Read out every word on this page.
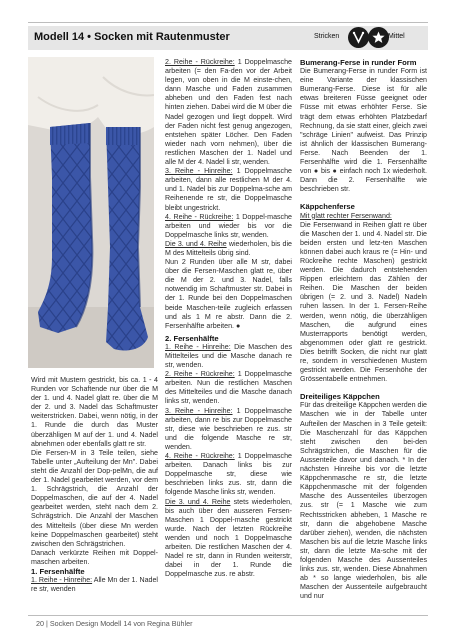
Modell 14 • Socken mit Rautenmuster	Stricken	Mittel

Wird mit Mustern gestrickt, bis ca. 1 - 4 Runden vor Schaftende nur über die M der 1. und 4. Nadel glatt re. über die M der 2. und 3. Nadel das Schaftmuster weiterstricken. Dabei, wenn nötig, in der 1. Runde die durch das Muster überzähligen M auf der 1. und 4. Nadel abnehmen oder ebenfalls glatt re str.

Die Fersen-M in 3 Teile teilen, siehe Tabelle unter „Aufteilung der Mn". Dabei steht die Anzahl der Dop-pelMn, die auf der 1. Nadel gearbeitet werden, vor dem 1. Schrägstrich, die Anzahl der Doppelmaschen, die auf der 4. Nadel gearbeitet werden, steht nach dem 2. Schrägstrich. Die Anzahl der Maschen des Mittelteils (über diese Mn werden keine Doppelmaschen gearbeitet) steht zwischen den Schrägstrichen.

Danach verkürzte Reihen mit Doppel-maschen arbeiten.

1. Fersenhälfte

1. Reihe - Hinreihe: Alle Mn der 1. Nadel re str, wenden

2. Reihe - Rückreihe: 1 Doppelmasche arbeiten (= den Fa-den vor der Arbeit legen, von oben in die M einste-chen, dann Masche und Faden zusammen abheben und den Faden fest nach hinten ziehen. Dabei wird die M über die Nadel gezogen und liegt doppelt. Wird der Faden nicht fest genug angezogen, entstehen später Löcher. Den Faden wieder nach vorn nehmen), über die restlichen Maschen der 1. Nadel und alle M der 4. Nadel li str, wenden.

3. Reihe - Hinreihe: 1 Doppelmasche arbeiten, dann alle restlichen M der 4. und 1. Nadel bis zur Doppelma-sche am Reihenende re str, die Doppelmasche bleibt ungestrickt.

4. Reihe - Rückreihe: 1 Doppel-masche arbeiten und wieder bis vor die Doppelmasche links str, wenden.

Die 3. und 4. Reihe wiederholen, bis die M des Mittelteils übrig sind.

Nun 2 Runden über alle M str, dabei über die Fersen-Maschen glatt re, über die M der 2. und 3. Nadel, falls notwendig im Schaftmuster str. Dabei in der 1. Runde bei den Doppelmaschen beide Maschen-teile zugleich erfassen und als 1 M re abstr. Dann die 2. Fersenhälfte arbeiten. ●

2. Fersenhälfte

1. Reihe - Hinreihe: Die Maschen des Mittelteiles und die Masche danach re str, wenden.

2. Reihe - Rückreihe: 1 Doppelmasche arbeiten. Nun die restlichen Maschen des Mittelteiles und die Masche danach links str, wenden.

3. Reihe - Hinreihe: 1 Doppelmasche arbeiten, dann re bis zur Doppelmasche str, diese wie beschrieben re zus. str und die folgende Masche re str, wenden.

4. Reihe - Rückreihe: 1 Doppelmasche arbeiten. Danach links bis zur Doppelmasche str, diese wie beschrieben links zus. str, dann die folgende Masche links str, wenden.

Die 3. und 4. Reihe stets wiederholen, bis auch über den ausseren Fersen-Maschen 1 Doppel-masche gestrickt wurde. Nach der letzten Rückreihe wenden und noch 1 Doppelmasche arbeiten. Die restlichen Maschen der 4. Nadel re str, dann in Runden weiterstr, dabei in der 1. Runde die Doppelmasche zus. re abstr.

Bumerang-Ferse in runder Form

Die Bumerang-Ferse in runder Form ist eine Variante der klassischen Bumerang-Ferse. Diese ist für alle etwas breiteren Füsse geeignet oder Füsse mit etwas erhöhter Ferse. Sie trägt dem etwas erhöhten Platzbedarf Rechnung, da sie statt einer, gleich zwei "schräge Linien" aufweist. Das Prinzip ist ähnlich der klassischen Bumerang-Ferse. Nach Beenden der 1. Fersenhälfte wird die 1. Fersenhälfte von ● bis ● einfach noch 1x wiederholt. Dann die 2. Fersenhälfte wie beschrieben str.

Käppchenferse

Mit glatt rechter Fersenwand:

Die Fersenwand in Reihen glatt re über die Maschen der 1. und 4. Nadel str. Die beiden ersten und letz-ten Maschen können dabei auch kraus re (= Hin- und Rückreihe rechte Maschen) gestrickt werden. Die dadurch entstehenden Rippen erleichtern das Zählen der Reihen. Die Maschen der beiden übrigen (= 2. und 3. Nadel) Nadeln ruhen lassen. In der 1. Fersen-Reihe werden, wenn nötig, die überzähligen Maschen, die aufgrund eines Musterrapports benötigt werden, abgenommen oder glatt re gestrickt. Dies betrifft Socken, die nicht nur glatt re, sondern in verschiedenen Mustern gestrickt werden. Die Fersenhöhe der Grössentabelle entnehmen.

Dreiteiliges Käppchen

Für das dreiteilige Käppchen werden die Maschen wie in der Tabelle unter Aufteilen der Maschen in 3 Teile geteilt: Die Maschenzahl für das Käppchen steht zwischen den bei-den Schrägstrichen, die Maschen für die Aussenteile davor und danach. * In der nächsten Hinreihe bis vor die letzte Käppchenmasche re str, die letzte Käppchenmasche mit der folgenden Masche des Aussenteiles überzogen zus. str (= 1 Masche wie zum Rechtsstricken abheben, 1 Masche re str, dann die abgehobene Masche darüber ziehen), wenden, die nächsten Maschen bis auf die letzte Masche links str, dann die letzte Ma-sche mit der folgenden Masche des Aussenteiles links zus. str, wenden. Diese Abnahmen ab * so lange wiederholen, bis alle Maschen der Aussenteile aufgebraucht und nur

20 | Socken Design Modell 14 von Regina Bühler
